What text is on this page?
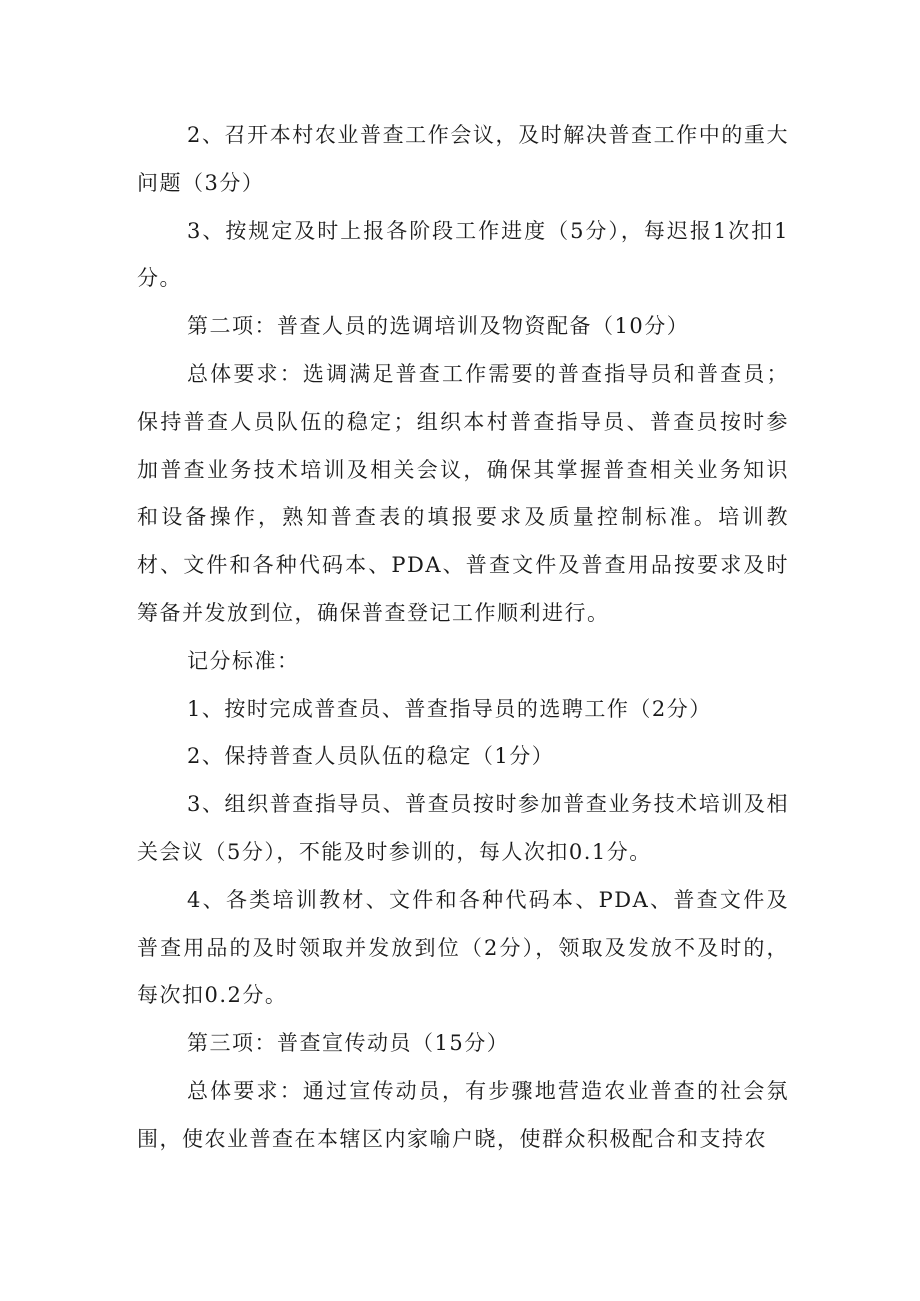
2、召开本村农业普查工作会议，及时解决普查工作中的重大问题（3分）

3、按规定及时上报各阶段工作进度（5分），每迟报1次扣1分。

第二项：普查人员的选调培训及物资配备（10分）

总体要求：选调满足普查工作需要的普查指导员和普查员；保持普查人员队伍的稳定；组织本村普查指导员、普查员按时参加普查业务技术培训及相关会议，确保其掌握普查相关业务知识和设备操作，熟知普查表的填报要求及质量控制标准。培训教材、文件和各种代码本、PDA、普查文件及普查用品按要求及时筹备并发放到位，确保普查登记工作顺利进行。

记分标准：

1、按时完成普查员、普查指导员的选聘工作（2分）

2、保持普查人员队伍的稳定（1分）

3、组织普查指导员、普查员按时参加普查业务技术培训及相关会议（5分），不能及时参训的，每人次扣0.1分。

4、各类培训教材、文件和各种代码本、PDA、普查文件及普查用品的及时领取并发放到位（2分），领取及发放不及时的，每次扣0.2分。

第三项：普查宣传动员（15分）

总体要求：通过宣传动员，有步骤地营造农业普查的社会氛围，使农业普查在本辖区内家喻户晓，使群众积极配合和支持农
